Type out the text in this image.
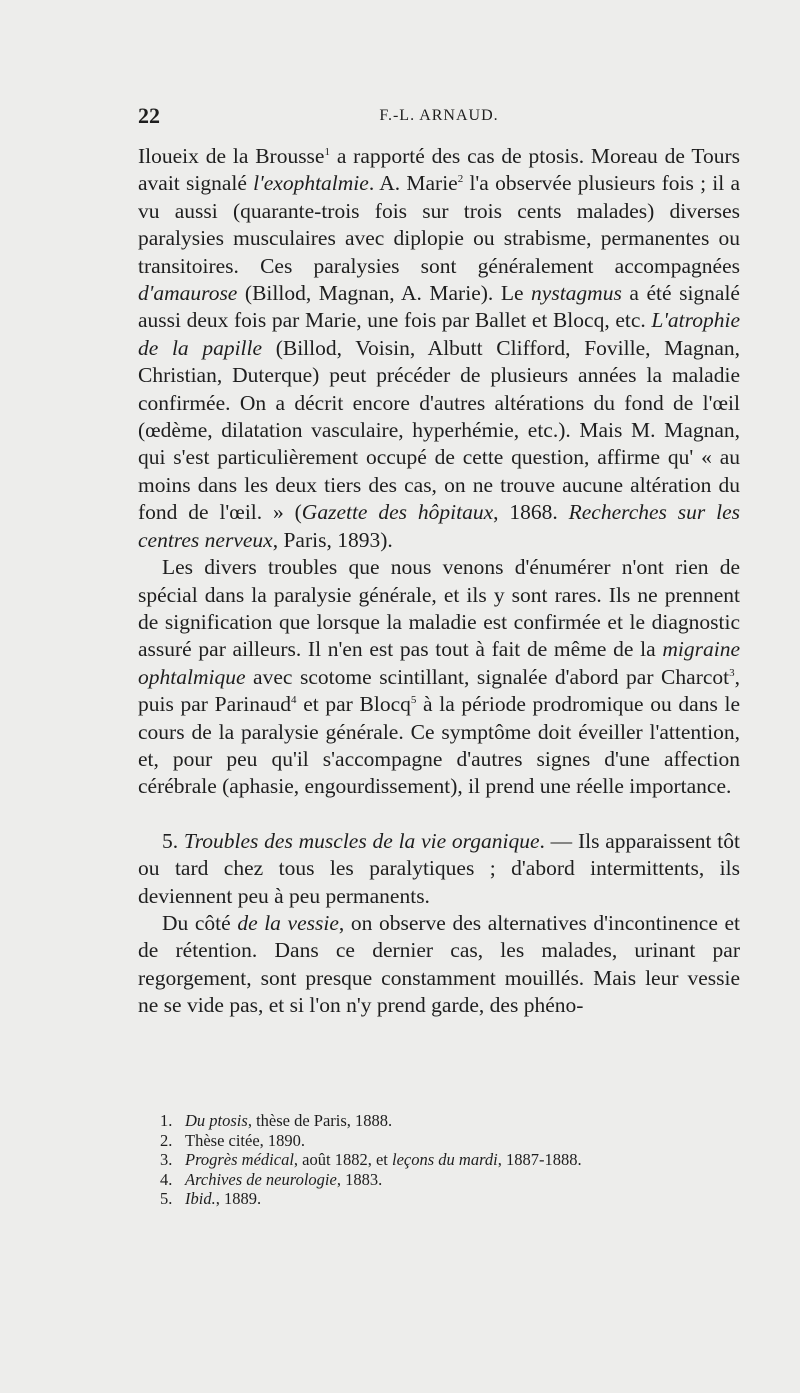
22	F.-L. ARNAUD.

Iloueix de la Brousse$^1$ a rapporté des cas de ptosis. Moreau de Tours avait signalé l'exophtalmie. A. Marie$^2$ l'a observée plusieurs fois ; il a vu aussi (quarante-trois fois sur trois cents malades) diverses paralysies musculaires avec diplopie ou strabisme, permanentes ou transitoires. Ces paralysies sont généralement accompagnées d'amaurose (Billod, Magnan, A. Marie). Le nystagmus a été signalé aussi deux fois par Marie, une fois par Ballet et Blocq, etc. L'atrophie de la papille (Billod, Voisin, Albutt Clifford, Foville, Magnan, Christian, Duterque) peut précéder de plusieurs années la maladie confirmée. On a décrit encore d'autres altérations du fond de l'œil (œdème, dilatation vasculaire, hyperhémie, etc.). Mais M. Magnan, qui s'est particulièrement occupé de cette question, affirme qu' « au moins dans les deux tiers des cas, on ne trouve aucune altération du fond de l'œil. » (Gazette des hôpitaux, 1868. Recherches sur les centres nerveux, Paris, 1893).

Les divers troubles que nous venons d'énumérer n'ont rien de spécial dans la paralysie générale, et ils y sont rares. Ils ne prennent de signification que lorsque la maladie est confirmée et le diagnostic assuré par ailleurs. Il n'en est pas tout à fait de même de la migraine ophtalmique avec scotome scintillant, signalée d'abord par Charcot$^3$, puis par Parinaud$^4$ et par Blocq$^5$ à la période prodromique ou dans le cours de la paralysie générale. Ce symptôme doit éveiller l'attention, et, pour peu qu'il s'accompagne d'autres signes d'une affection cérébrale (aphasie, engourdissement), il prend une réelle importance.

5. Troubles des muscles de la vie organique. — Ils apparaissent tôt ou tard chez tous les paralytiques ; d'abord intermittents, ils deviennent peu à peu permanents.

Du côté de la vessie, on observe des alternatives d'incontinence et de rétention. Dans ce dernier cas, les malades, urinant par regorgement, sont presque constamment mouillés. Mais leur vessie ne se vide pas, et si l'on n'y prend garde, des phéno-

1. Du ptosis, thèse de Paris, 1888.
2. Thèse citée, 1890.
3. Progrès médical, août 1882, et leçons du mardi, 1887-1888.
4. Archives de neurologie, 1883.
5. Ibid., 1889.
